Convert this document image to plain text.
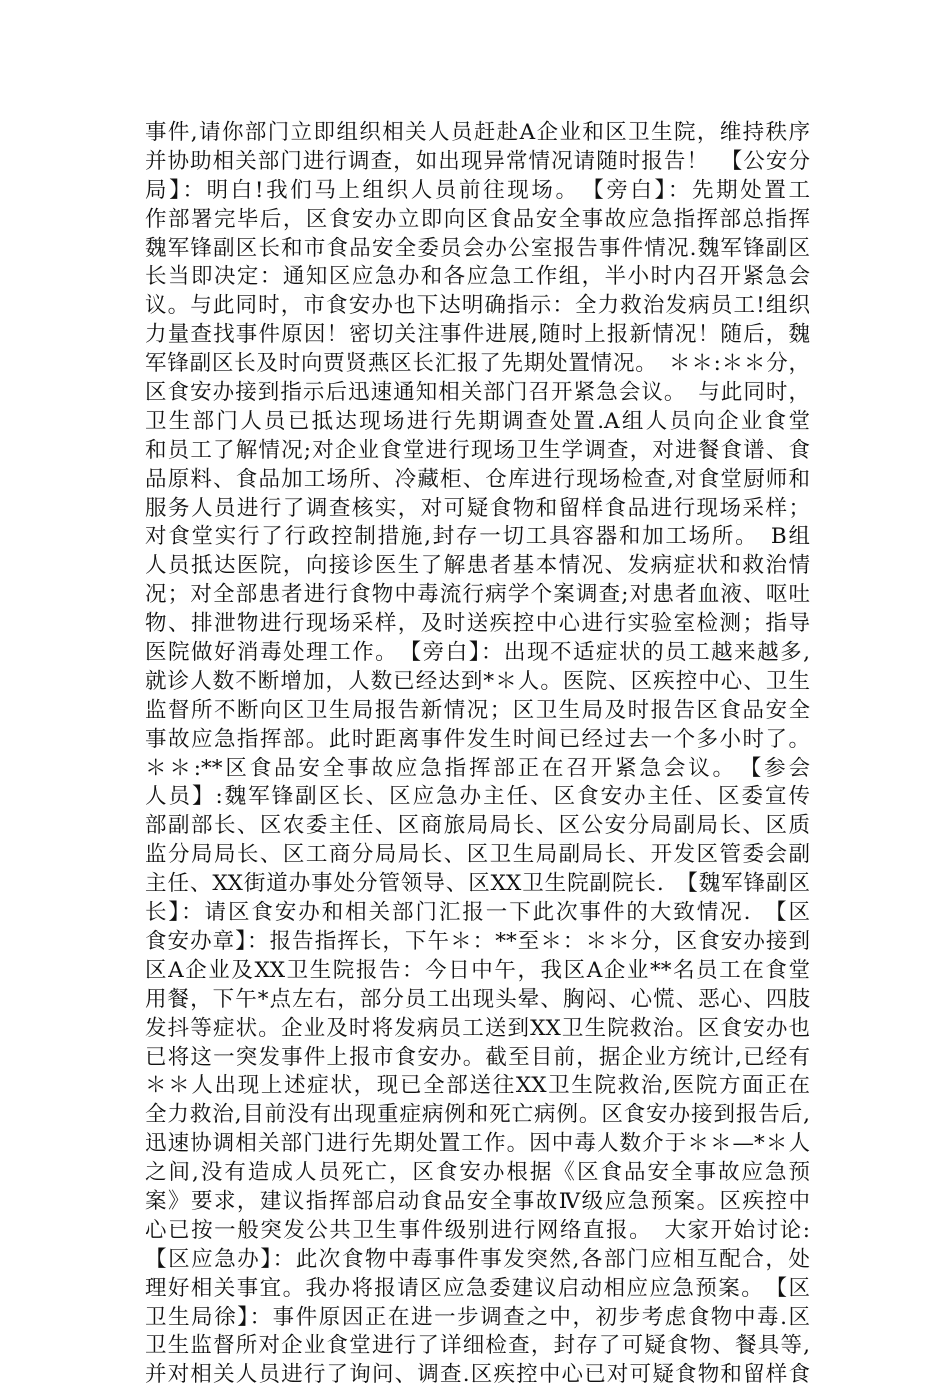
事件,请你部门立即组织相关人员赶赴A企业和区卫生院，维持秩序
并协助相关部门进行调查，如出现异常情况请随时报告！　【公安分
局】：明白!我们马上组织人员前往现场。　【旁白】：先期处置工
作部署完毕后，区食安办立即向区食品安全事故应急指挥部总指挥
魏军锋副区长和市食品安全委员会办公室报告事件情况.魏军锋副区
长当即决定：通知区应急办和各应急工作组，半小时内召开紧急会
议。与此同时，市食安办也下达明确指示：全力救治发病员工!组织
力量查找事件原因！密切关注事件进展,随时上报新情况！随后，魏
军锋副区长及时向贾贤燕区长汇报了先期处置情况。　＊＊:＊＊分，
区食安办接到指示后迅速通知相关部门召开紧急会议。　与此同时，
卫生部门人员已抵达现场进行先期调查处置.A组人员向企业食堂
和员工了解情况;对企业食堂进行现场卫生学调查，对进餐食谱、食
品原料、食品加工场所、冷藏柜、仓库进行现场检查,对食堂厨师和
服务人员进行了调查核实，对可疑食物和留样食品进行现场采样；
对食堂实行了行政控制措施,封存一切工具容器和加工场所。　B组
人员抵达医院，向接诊医生了解患者基本情况、发病症状和救治情
况；对全部患者进行食物中毒流行病学个案调查;对患者血液、呕吐
物、排泄物进行现场采样，及时送疾控中心进行实验室检测；指导
医院做好消毒处理工作。　【旁白】：出现不适症状的员工越来越多,
就诊人数不断增加，人数已经达到*＊人。医院、区疾控中心、卫生
监督所不断向区卫生局报告新情况；区卫生局及时报告区食品安全
事故应急指挥部。此时距离事件发生时间已经过去一个多小时了。
＊＊:**区食品安全事故应急指挥部正在召开紧急会议。　【参会
人员】:魏军锋副区长、区应急办主任、区食安办主任、区委宣传
部副部长、区农委主任、区商旅局局长、区公安分局副局长、区质
监分局局长、区工商分局局长、区卫生局副局长、开发区管委会副
主任、XX街道办事处分管领导、区XX卫生院副院长.　【魏军锋副区
长】：请区食安办和相关部门汇报一下此次事件的大致情况.　【区
食安办章】：报告指挥长，下午＊：**至＊：＊＊分，区食安办接到
区A企业及XX卫生院报告：今日中午，我区A企业**名员工在食堂
用餐，下午*点左右，部分员工出现头晕、胸闷、心慌、恶心、四肢
发抖等症状。企业及时将发病员工送到XX卫生院救治。区食安办也
已将这一突发事件上报市食安办。截至目前，据企业方统计,已经有
＊＊人出现上述症状，现已全部送往XX卫生院救治,医院方面正在
全力救治,目前没有出现重症病例和死亡病例。区食安办接到报告后,
迅速协调相关部门进行先期处置工作。因中毒人数介于＊＊—*＊人
之间,没有造成人员死亡，区食安办根据《区食品安全事故应急预
案》要求，建议指挥部启动食品安全事故Ⅳ级应急预案。区疾控中
心已按一般突发公共卫生事件级别进行网络直报。　大家开始讨论:
【区应急办】：此次食物中毒事件事发突然,各部门应相互配合，处
理好相关事宜。我办将报请区应急委建议启动相应应急预案。　【区
卫生局徐】：事件原因正在进一步调查之中，初步考虑食物中毒.区
卫生监督所对企业食堂进行了详细检查，封存了可疑食物、餐具等,
并对相关人员进行了询问、调查.区疾控中心已对可疑食物和留样食
